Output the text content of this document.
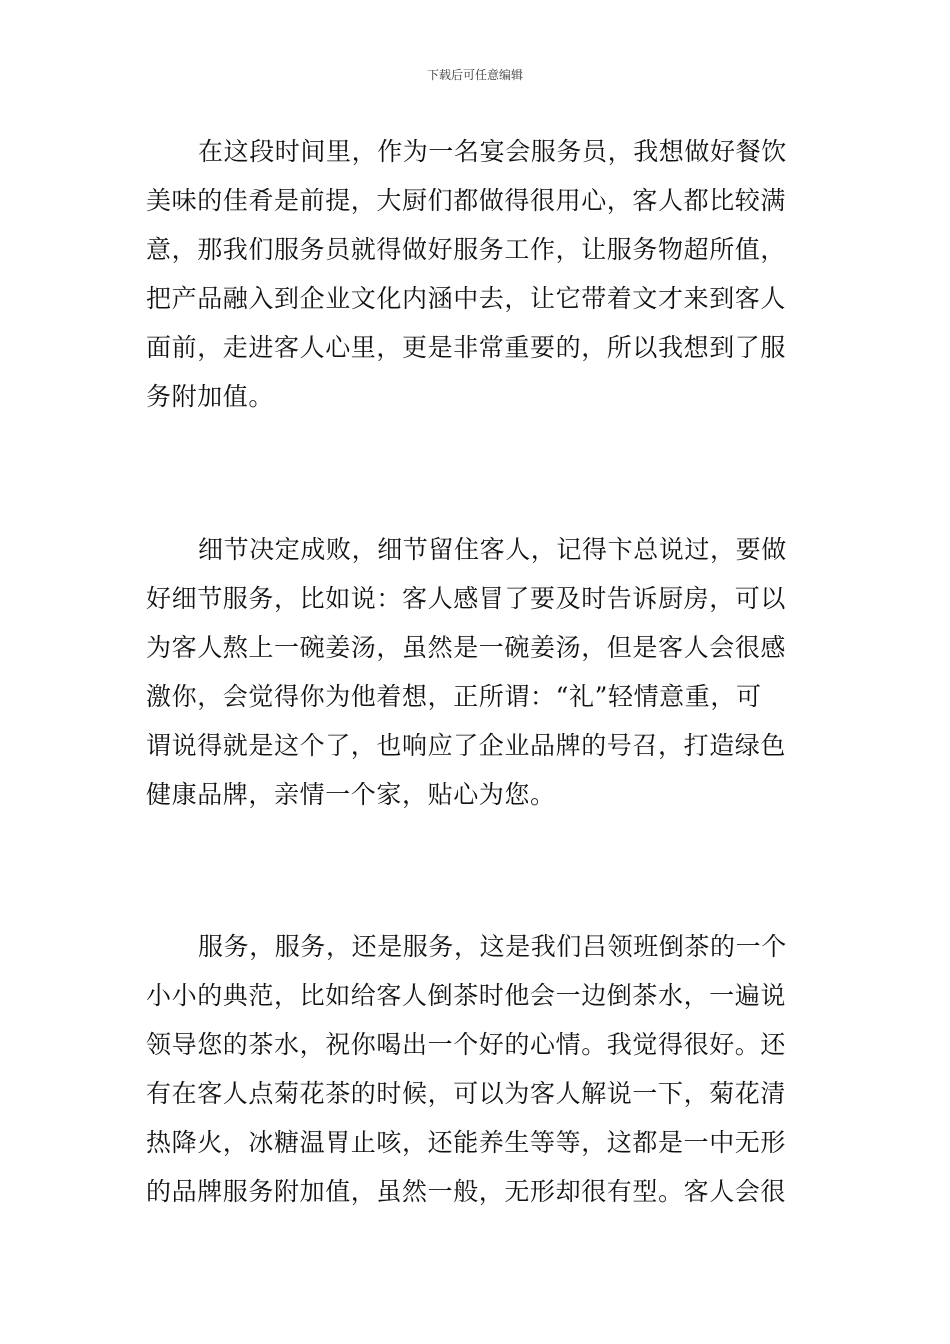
下载后可任意编辑
在这段时间里，作为一名宴会服务员，我想做好餐饮
美味的佳肴是前提，大厨们都做得很用心，客人都比较满
意，那我们服务员就得做好服务工作，让服务物超所值，
把产品融入到企业文化内涵中去，让它带着文才来到客人
面前，走进客人心里，更是非常重要的，所以我想到了服
务附加值。
细节决定成败，细节留住客人，记得卞总说过，要做
好细节服务，比如说：客人感冒了要及时告诉厨房，可以
为客人熬上一碗姜汤，虽然是一碗姜汤，但是客人会很感
激你，会觉得你为他着想，正所谓：“礼”轻情意重，可
谓说得就是这个了，也响应了企业品牌的号召，打造绿色
健康品牌，亲情一个家，贴心为您。
服务，服务，还是服务，这是我们吕领班倒茶的一个
小小的典范，比如给客人倒茶时他会一边倒茶水，一遍说
领导您的茶水，祝你喝出一个好的心情。我觉得很好。还
有在客人点菊花茶的时候，可以为客人解说一下，菊花清
热降火，冰糖温胃止咳，还能养生等等，这都是一中无形
的品牌服务附加值，虽然一般，无形却很有型。客人会很
